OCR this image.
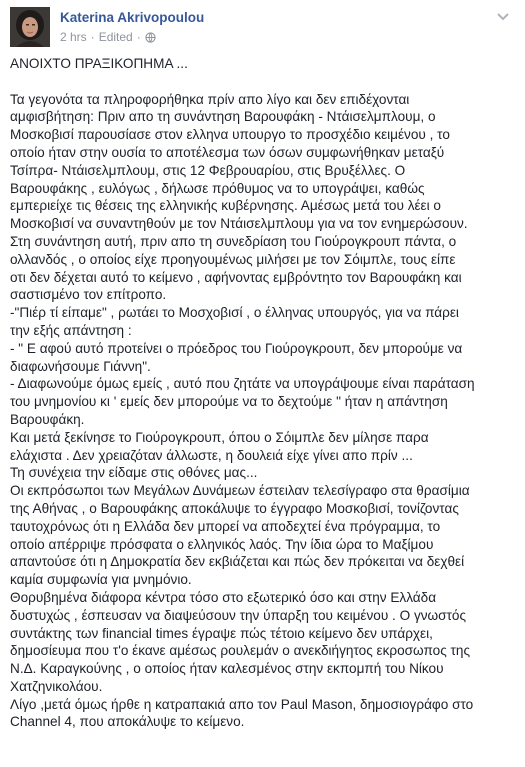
Katerina Akrivopoulou
2 hrs · Edited ·

ΑΝΟΙΧΤΟ ΠΡΑΞΙΚΟΠΗΜΑ ...

Τα γεγονότα τα πληροφορήθηκα πρίν απο λίγο και δεν επιδέχονται

αμφισβήτηση: Πριν απο τη συνάντηση Βαρουφάκη - Ντάισελμπλουμ, ο

Μοσκοβισί παρουσίασε στον ελληνα υπουργο το προσχέδιο κειμένου , το

οποίο ήταν στην ουσία το αποτέλεσμα των όσων συμφωνήθηκαν μεταξύ

Τσίπρα- Ντάισελμπλουμ, στις 12 Φεβρουαρίου, στις Βρυξέλλες. Ο

Βαρουφάκης , ευλόγως , δήλωσε πρόθυμος να το υπογράψει, καθώς

εμπεριείχε τις θέσεις της ελληνικής κυβέρνησης. Αμέσως μετά του λέει ο

Μοσκοβισί να συναντηθούν με τον Ντάισελμπλουμ για να τον ενημερώσουν.

Στη συνάντηση αυτή, πριν απο τη συνεδρίαση του Γιούρογκρουπ πάντα, ο

ολλανδός , ο οποίος είχε προηγουμένως μιλήσει με τον Σόιμπλε, τους είπε

οτι δεν δέχεται αυτό το κείμενο , αφήνοντας εμβρόντητο τον Βαρουφάκη και

σαστισμένο τον επίτροπο.

-"Πιέρ τί είπαμε" , ρωτάει το Μοσχοβισί , ο έλληνας υπουργός, για να πάρει

την εξής απάντηση :

- " Ε αφού αυτό προτείνει ο πρόεδρος του Γιούρογκρουπ, δεν μπορούμε να

διαφωνήσουμε Γιάννη".

- Διαφωνούμε όμως εμείς , αυτό που ζητάτε να υπογράψουμε είναι παράταση

του μνημονίου κι ' εμείς δεν μπορούμε να το δεχτούμε " ήταν η απάντηση

Βαρουφάκη.

Και μετά ξεκίνησε το Γιούρογκρουπ, όπου ο Σόιμπλε δεν μίλησε παρα

ελάχιστα . Δεν χρειαζόταν άλλωστε, η δουλειά είχε γίνει απο πρίν ...

Τη συνέχεια την είδαμε στις οθόνες μας...

Οι εκπρόσωποι των Μεγάλων Δυνάμεων έστειλαν τελεσίγραφο στα θρασίμια

της Αθήνας , ο Βαρουφάκης αποκάλυψε το έγγραφο Μοσκοβισί, τονίζοντας

ταυτοχρόνως ότι η Ελλάδα δεν μπορεί να αποδεχτεί ένα πρόγραμμα, το

οποίο απέρριψε πρόσφατα ο ελληνικός λαός. Την ίδια ώρα το Μαξίμου

απαντούσε ότι η Δημοκρατία δεν εκβιάζεται και πώς δεν πρόκειται να δεχθεί

καμία συμφωνία για μνημόνιο.

Θορυβημένα διάφορα κέντρα τόσο στο εξωτερικό όσο και στην Ελλάδα

δυστυχώς , έσπευσαν να διαψεύσουν την ύπαρξη του κειμένου . Ο γνωστός

συντάκτης των financial times έγραψε πώς τέτοιο κείμενο δεν υπάρχει,

δημοσίευμα που τ'ο έκανε αμέσως ρουλεμάν ο ανεκδιήγητος εκροσωπος της

Ν.Δ. Καραγκούνης , ο οποίος ήταν καλεσμένος στην εκπομπή του Νίκου

Χατζηνικολάου.

Λίγο ,μετά όμως ήρθε η κατραπακιά απο τον Paul Mason, δημοσιογράφο στο

Channel 4, που αποκάλυψε το κείμενο.
